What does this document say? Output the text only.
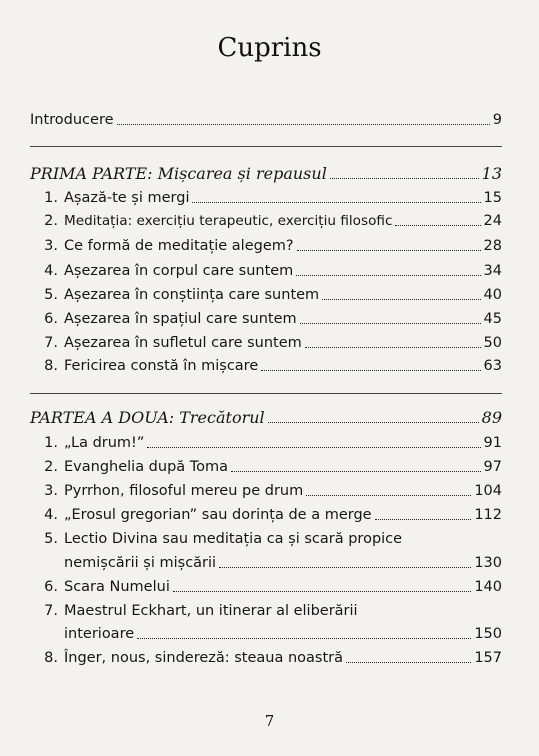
Cuprins
Introducere	9
PRIMA PARTE: Mișcarea și repausul	13
1. Așază-te și mergi	15
2. Meditația: exercițiu terapeutic, exercițiu filosofic	24
3. Ce formă de meditație alegem?	28
4. Așezarea în corpul care suntem	34
5. Așezarea în conștiința care suntem	40
6. Așezarea în spațiul care suntem	45
7. Așezarea în sufletul care suntem	50
8. Fericirea constă în mișcare	63
PARTEA A DOUA: Trecătorul	89
1. „La drum!”	91
2. Evanghelia după Toma	97
3. Pyrrhon, filosoful mereu pe drum	104
4. „Erosul gregorian” sau dorința de a merge	112
5. Lectio Divina sau meditația ca și scară propice
nemișcării și mișcării	130
6. Scara Numelui	140
7. Maestrul Eckhart, un itinerar al eliberării
interioare	150
8. Înger, nous, sindereză: steaua noastră	157
7
